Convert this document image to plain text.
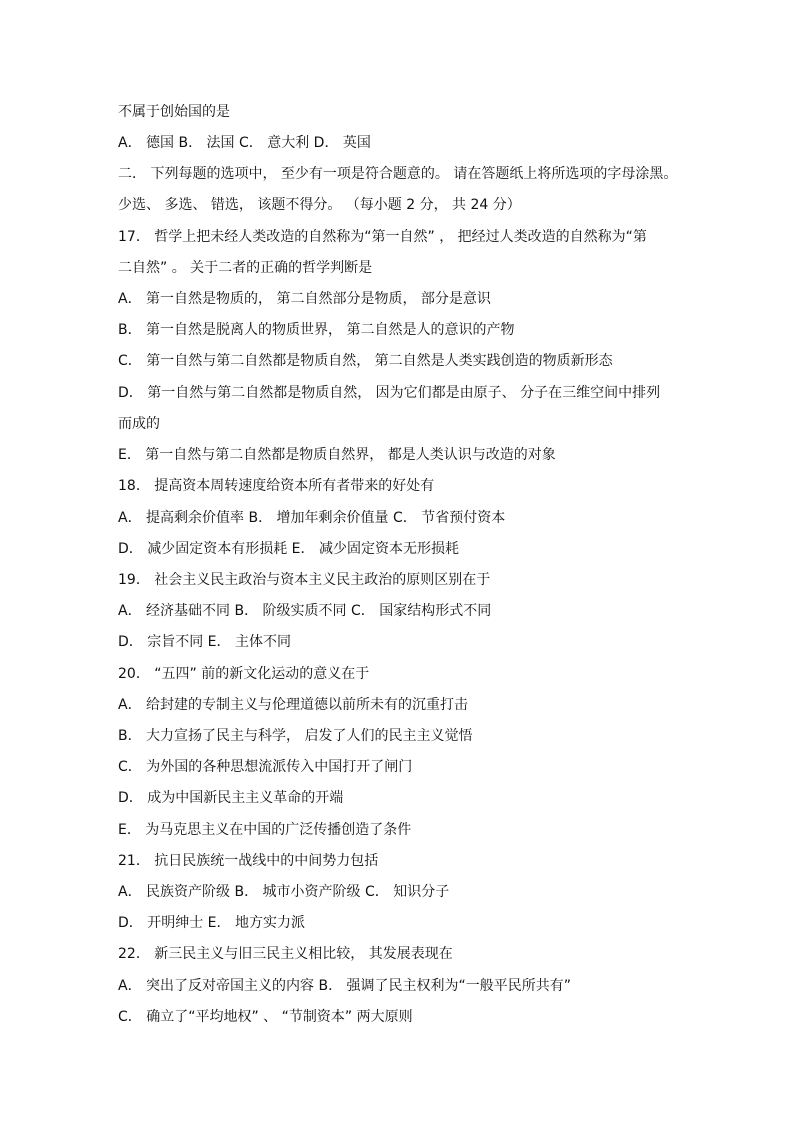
不属于创始国的是
A． 德国 B． 法国 C． 意大利 D． 英国
二． 下列每题的选项中， 至少有一项是符合题意的。 请在答题纸上将所选项的字母涂黑。
少选、 多选、 错选， 该题不得分。 （每小题 2 分， 共 24 分）
17． 哲学上把未经人类改造的自然称为“第一自然” ， 把经过人类改造的自然称为“第
二自然” 。 关于二者的正确的哲学判断是
A． 第一自然是物质的， 第二自然部分是物质， 部分是意识
B． 第一自然是脱离人的物质世界， 第二自然是人的意识的产物
C． 第一自然与第二自然都是物质自然， 第二自然是人类实践创造的物质新形态
D． 第一自然与第二自然都是物质自然， 因为它们都是由原子、 分子在三维空间中排列
而成的
E． 第一自然与第二自然都是物质自然界， 都是人类认识与改造的对象
18． 提高资本周转速度给资本所有者带来的好处有
A． 提高剩余价值率 B． 增加年剩余价值量 C． 节省预付资本
D． 减少固定资本有形损耗 E． 减少固定资本无形损耗
19． 社会主义民主政治与资本主义民主政治的原则区别在于
A． 经济基础不同 B． 阶级实质不同 C． 国家结构形式不同
D． 宗旨不同 E． 主体不同
20． “五四” 前的新文化运动的意义在于
A． 给封建的专制主义与伦理道德以前所未有的沉重打击
B． 大力宣扬了民主与科学， 启发了人们的民主主义觉悟
C． 为外国的各种思想流派传入中国打开了闸门
D． 成为中国新民主主义革命的开端
E． 为马克思主义在中国的广泛传播创造了条件
21． 抗日民族统一战线中的中间势力包括
A． 民族资产阶级 B． 城市小资产阶级 C． 知识分子
D． 开明绅士 E． 地方实力派
22． 新三民主义与旧三民主义相比较， 其发展表现在
A． 突出了反对帝国主义的内容 B． 强调了民主权利为“一般平民所共有”
C． 确立了“平均地权” 、 “节制资本” 两大原则
